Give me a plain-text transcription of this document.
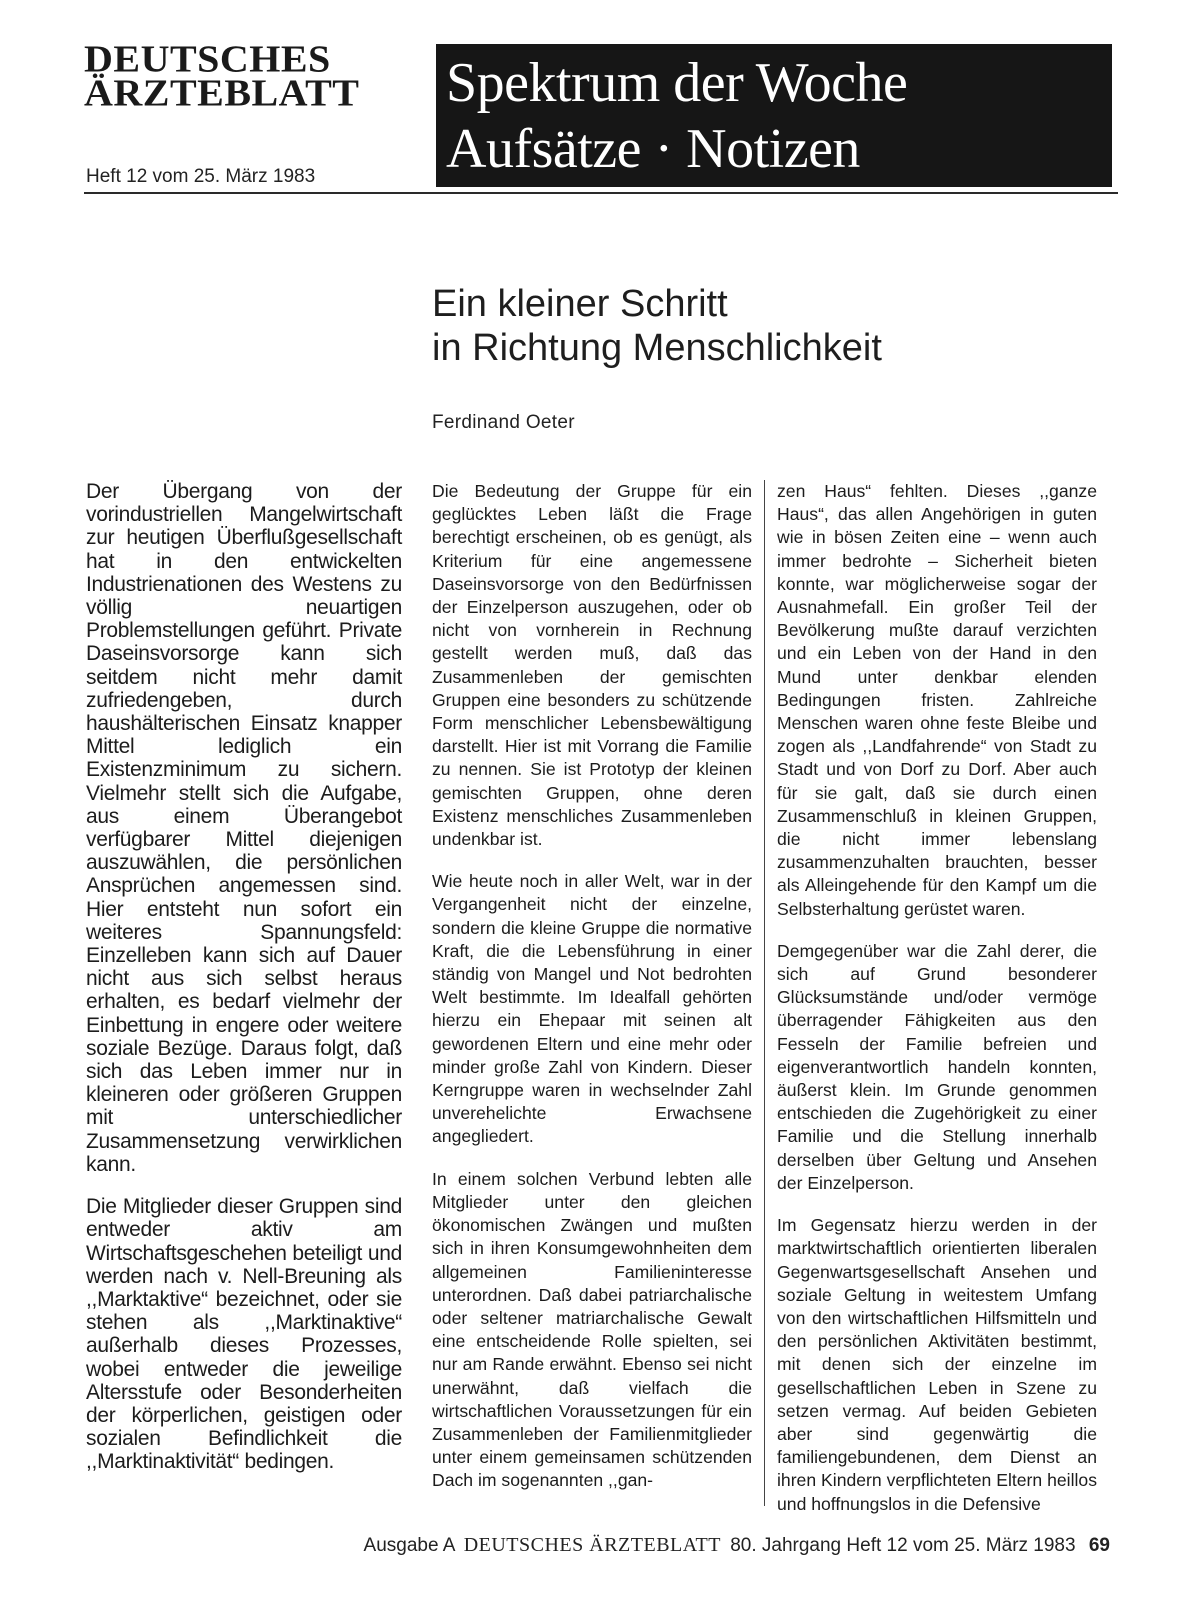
DEUTSCHES
ÄRZTEBLATT
Heft 12 vom 25. März 1983
Spektrum der Woche
Aufsätze · Notizen
Ein kleiner Schritt
in Richtung Menschlichkeit
Ferdinand Oeter

Der Übergang von der vorindustriellen Mangelwirtschaft zur heutigen Überflußgesellschaft hat in den entwickelten Industrienationen des Westens zu völlig neuartigen Problemstellungen geführt. Private Daseinsvorsorge kann sich seitdem nicht mehr damit zufriedengeben, durch haushälterischen Einsatz knapper Mittel lediglich ein Existenzminimum zu sichern. Vielmehr stellt sich die Aufgabe, aus einem Überangebot verfügbarer Mittel diejenigen auszuwählen, die persönlichen Ansprüchen angemessen sind. Hier entsteht nun sofort ein weiteres Spannungsfeld: Einzelleben kann sich auf Dauer nicht aus sich selbst heraus erhalten, es bedarf vielmehr der Einbettung in engere oder weitere soziale Bezüge. Daraus folgt, daß sich das Leben immer nur in kleineren oder größeren Gruppen mit unterschiedlicher Zusammensetzung verwirklichen kann.

Die Mitglieder dieser Gruppen sind entweder aktiv am Wirtschaftsgeschehen beteiligt und werden nach v. Nell-Breuning als ,,Marktaktive“ bezeichnet, oder sie stehen als ,,Marktinaktive“ außerhalb dieses Prozesses, wobei entweder die jeweilige Altersstufe oder Besonderheiten der körperlichen, geistigen oder sozialen Befindlichkeit die ,,Marktinaktivität“ bedingen.

Die Bedeutung der Gruppe für ein geglücktes Leben läßt die Frage berechtigt erscheinen, ob es genügt, als Kriterium für eine angemessene Daseinsvorsorge von den Bedürfnissen der Einzelperson auszugehen, oder ob nicht von vornherein in Rechnung gestellt werden muß, daß das Zusammenleben der gemischten Gruppen eine besonders zu schützende Form menschlicher Lebensbewältigung darstellt. Hier ist mit Vorrang die Familie zu nennen. Sie ist Prototyp der kleinen gemischten Gruppen, ohne deren Existenz menschliches Zusammenleben undenkbar ist.

Wie heute noch in aller Welt, war in der Vergangenheit nicht der einzelne, sondern die kleine Gruppe die normative Kraft, die die Lebensführung in einer ständig von Mangel und Not bedrohten Welt bestimmte. Im Idealfall gehörten hierzu ein Ehepaar mit seinen alt gewordenen Eltern und eine mehr oder minder große Zahl von Kindern. Dieser Kerngruppe waren in wechselnder Zahl unverehelichte Erwachsene angegliedert.

In einem solchen Verbund lebten alle Mitglieder unter den gleichen ökonomischen Zwängen und mußten sich in ihren Konsumgewohnheiten dem allgemeinen Familieninteresse unterordnen. Daß dabei patriarchalische oder seltener matriarchalische Gewalt eine entscheidende Rolle spielten, sei nur am Rande erwähnt. Ebenso sei nicht unerwähnt, daß vielfach die wirtschaftlichen Voraussetzungen für ein Zusammenleben der Familienmitglieder unter einem gemeinsamen schützenden Dach im sogenannten ,,gan-

zen Haus“ fehlten. Dieses ,,ganze Haus“, das allen Angehörigen in guten wie in bösen Zeiten eine – wenn auch immer bedrohte – Sicherheit bieten konnte, war möglicherweise sogar der Ausnahmefall. Ein großer Teil der Bevölkerung mußte darauf verzichten und ein Leben von der Hand in den Mund unter denkbar elenden Bedingungen fristen. Zahlreiche Menschen waren ohne feste Bleibe und zogen als ,,Landfahrende“ von Stadt zu Stadt und von Dorf zu Dorf. Aber auch für sie galt, daß sie durch einen Zusammenschluß in kleinen Gruppen, die nicht immer lebenslang zusammenzuhalten brauchten, besser als Alleingehende für den Kampf um die Selbsterhaltung gerüstet waren.

Demgegenüber war die Zahl derer, die sich auf Grund besonderer Glücksumstände und/oder vermöge überragender Fähigkeiten aus den Fesseln der Familie befreien und eigenverantwortlich handeln konnten, äußerst klein. Im Grunde genommen entschieden die Zugehörigkeit zu einer Familie und die Stellung innerhalb derselben über Geltung und Ansehen der Einzelperson.

Im Gegensatz hierzu werden in der marktwirtschaftlich orientierten liberalen Gegenwartsgesellschaft Ansehen und soziale Geltung in weitestem Umfang von den wirtschaftlichen Hilfsmitteln und den persönlichen Aktivitäten bestimmt, mit denen sich der einzelne im gesellschaftlichen Leben in Szene zu setzen vermag. Auf beiden Gebieten aber sind gegenwärtig die familiengebundenen, dem Dienst an ihren Kindern verpflichteten Eltern heillos und hoffnungslos in die Defensive

Ausgabe A DEUTSCHES ÄRZTEBLATT 80. Jahrgang Heft 12 vom 25. März 1983 69
